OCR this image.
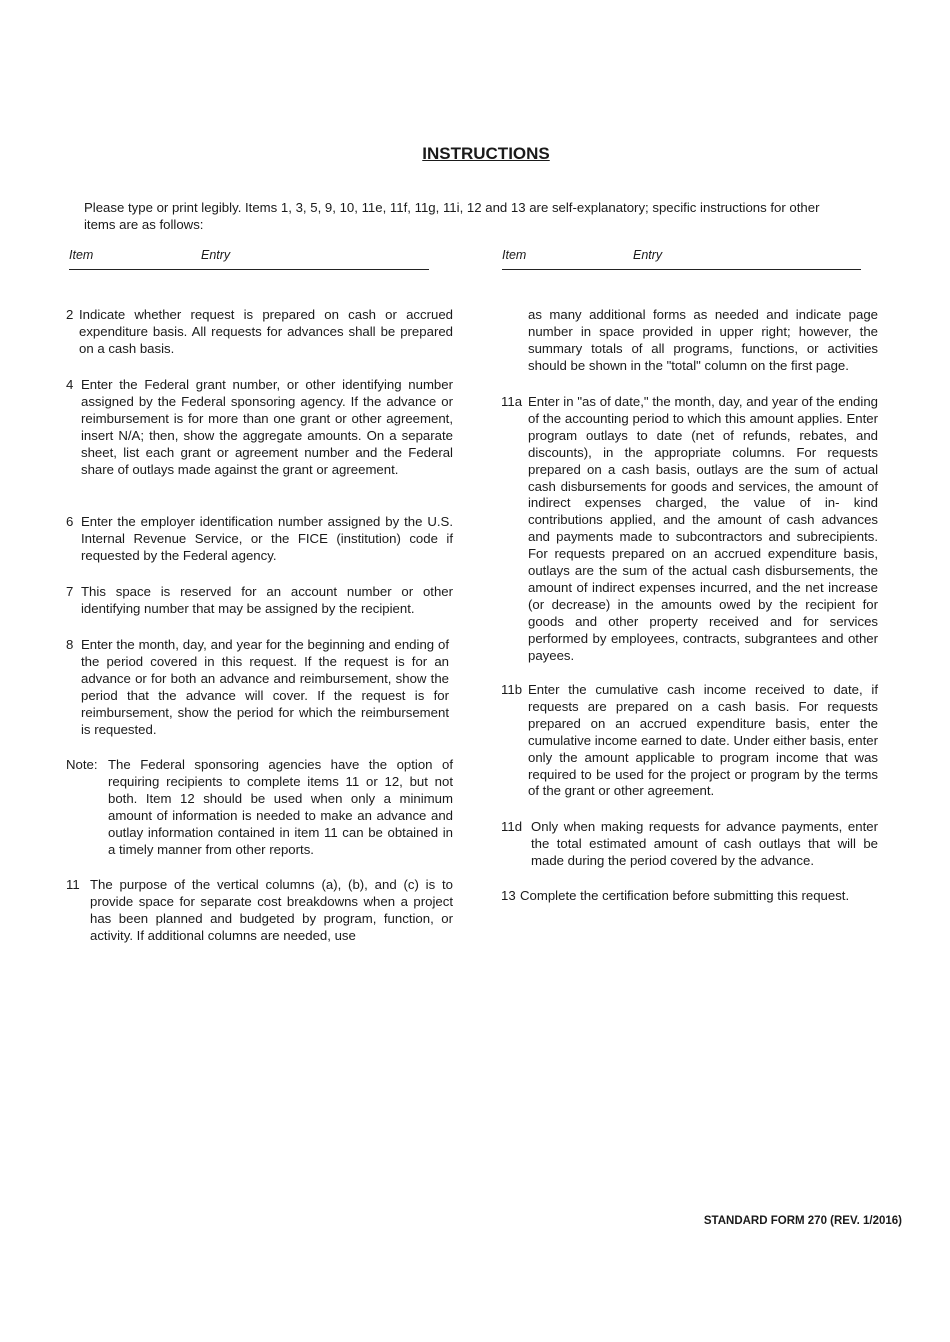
INSTRUCTIONS
Please type or print legibly. Items 1, 3, 5, 9, 10, 11e, 11f, 11g, 11i, 12 and 13 are self-explanatory; specific instructions for other items are as follows:
Item	Entry	Item	Entry
2 Indicate whether request is prepared on cash or accrued expenditure basis. All requests for advances shall be prepared on a cash basis.
4 Enter the Federal grant number, or other identifying number assigned by the Federal sponsoring agency. If the advance or reimbursement is for more than one grant or other agreement, insert N/A; then, show the aggregate amounts. On a separate sheet, list each grant or agreement number and the Federal share of outlays made against the grant or agreement.
6 Enter the employer identification number assigned by the U.S. Internal Revenue Service, or the FICE (institution) code if requested by the Federal agency.
7 This space is reserved for an account number or other identifying number that may be assigned by the recipient.
8 Enter the month, day, and year for the beginning and ending of the period covered in this request. If the request is for an advance or for both an advance and reimbursement, show the period that the advance will cover. If the request is for reimbursement, show the period for which the reimbursement is requested.
Note: The Federal sponsoring agencies have the option of requiring recipients to complete items 11 or 12, but not both. Item 12 should be used when only a minimum amount of information is needed to make an advance and outlay information contained in item 11 can be obtained in a timely manner from other reports.
11 The purpose of the vertical columns (a), (b), and (c) is to provide space for separate cost breakdowns when a project has been planned and budgeted by program, function, or activity. If additional columns are needed, use
as many additional forms as needed and indicate page number in space provided in upper right; however, the summary totals of all programs, functions, or activities should be shown in the "total" column on the first page.
11a Enter in "as of date," the month, day, and year of the ending of the accounting period to which this amount applies. Enter program outlays to date (net of refunds, rebates, and discounts), in the appropriate columns. For requests prepared on a cash basis, outlays are the sum of actual cash disbursements for goods and services, the amount of indirect expenses charged, the value of in- kind contributions applied, and the amount of cash advances and payments made to subcontractors and subrecipients. For requests prepared on an accrued expenditure basis, outlays are the sum of the actual cash disbursements, the amount of indirect expenses incurred, and the net increase (or decrease) in the amounts owed by the recipient for goods and other property received and for services performed by employees, contracts, subgrantees and other payees.
11b Enter the cumulative cash income received to date, if requests are prepared on a cash basis. For requests prepared on an accrued expenditure basis, enter the cumulative income earned to date. Under either basis, enter only the amount applicable to program income that was required to be used for the project or program by the terms of the grant or other agreement.
11d Only when making requests for advance payments, enter the total estimated amount of cash outlays that will be made during the period covered by the advance.
13 Complete the certification before submitting this request.
STANDARD FORM 270 (REV. 1/2016)
